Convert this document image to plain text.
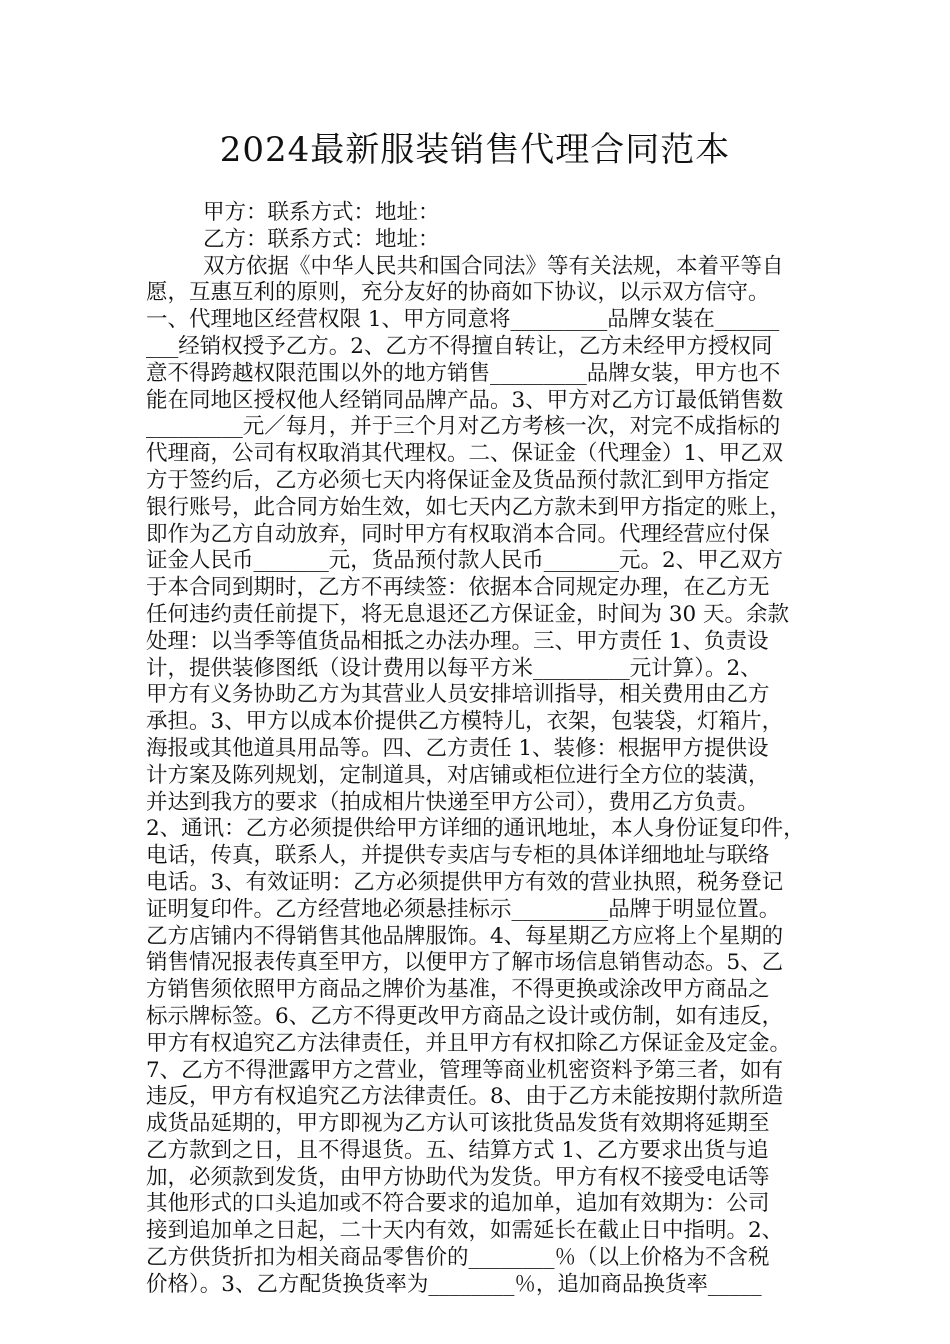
2024最新服装销售代理合同范本
甲方：联系方式：地址：
乙方：联系方式：地址：
双方依据《中华人民共和国合同法》等有关法规，本着平等自
愿，互惠互利的原则，充分友好的协商如下协议，以示双方信守。
一、代理地区经营权限 1、甲方同意将_________品牌女装在______
___经销权授予乙方。2、乙方不得擅自转让，乙方未经甲方授权同
意不得跨越权限范围以外的地方销售_________品牌女装，甲方也不
能在同地区授权他人经销同品牌产品。3、甲方对乙方订最低销售数
_________元／每月，并于三个月对乙方考核一次，对完不成指标的
代理商，公司有权取消其代理权。二、保证金（代理金）1、甲乙双
方于签约后，乙方必须七天内将保证金及货品预付款汇到甲方指定
银行账号，此合同方始生效，如七天内乙方款未到甲方指定的账上，
即作为乙方自动放弃，同时甲方有权取消本合同。代理经营应付保
证金人民币_______元，货品预付款人民币_______元。2、甲乙双方
于本合同到期时，乙方不再续签：依据本合同规定办理，在乙方无
任何违约责任前提下，将无息退还乙方保证金，时间为 30 天。余款
处理：以当季等值货品相抵之办法办理。三、甲方责任 1、负责设
计，提供装修图纸（设计费用以每平方米_________元计算）。2、
甲方有义务协助乙方为其营业人员安排培训指导，相关费用由乙方
承担。3、甲方以成本价提供乙方模特儿，衣架，包装袋，灯箱片，
海报或其他道具用品等。四、乙方责任 1、装修：根据甲方提供设
计方案及陈列规划，定制道具，对店铺或柜位进行全方位的装潢，
并达到我方的要求（拍成相片快递至甲方公司），费用乙方负责。
2、通讯：乙方必须提供给甲方详细的通讯地址，本人身份证复印件，
电话，传真，联系人，并提供专卖店与专柜的具体详细地址与联络
电话。3、有效证明：乙方必须提供甲方有效的营业执照，税务登记
证明复印件。乙方经营地必须悬挂标示_________品牌于明显位置。
乙方店铺内不得销售其他品牌服饰。4、每星期乙方应将上个星期的
销售情况报表传真至甲方，以便甲方了解市场信息销售动态。5、乙
方销售须依照甲方商品之牌价为基准，不得更换或涂改甲方商品之
标示牌标签。6、乙方不得更改甲方商品之设计或仿制，如有违反，
甲方有权追究乙方法律责任，并且甲方有权扣除乙方保证金及定金。
7、乙方不得泄露甲方之营业，管理等商业机密资料予第三者，如有
违反，甲方有权追究乙方法律责任。8、由于乙方未能按期付款所造
成货品延期的，甲方即视为乙方认可该批货品发货有效期将延期至
乙方款到之日，且不得退货。五、结算方式 1、乙方要求出货与追
加，必须款到发货，由甲方协助代为发货。甲方有权不接受电话等
其他形式的口头追加或不符合要求的追加单，追加有效期为：公司
接到追加单之日起，二十天内有效，如需延长在截止日中指明。2、
乙方供货折扣为相关商品零售价的________％（以上价格为不含税
价格）。3、乙方配货换货率为________％，追加商品换货率_____
